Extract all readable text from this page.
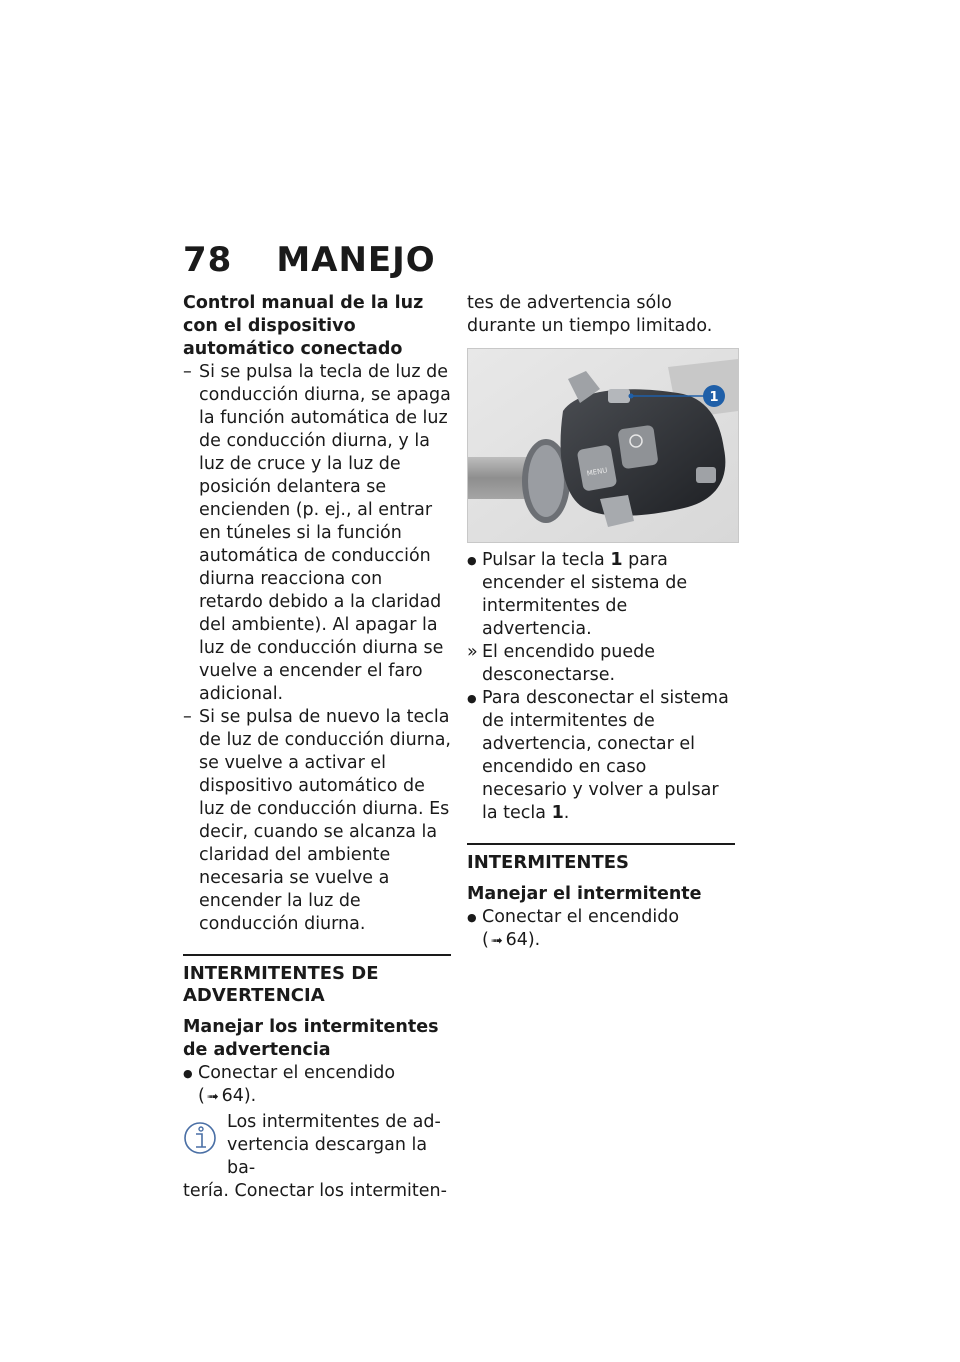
78 MANEJO

Control manual de la luz con el dispositivo automático conectado

– Si se pulsa la tecla de luz de conducción diurna, se apaga la función automática de luz de conducción diurna, y la luz de cruce y la luz de posición delantera se encienden (p. ej., al entrar en túneles si la función automática de conducción diurna reacciona con retardo debido a la claridad del ambiente). Al apagar la luz de conducción diurna se vuelve a encender el faro adicional.
– Si se pulsa de nuevo la tecla de luz de conducción diurna, se vuelve a activar el dispositivo automático de luz de conducción diurna. Es decir, cuando se alcanza la claridad del ambiente necesaria se vuelve a encender la luz de conducción diurna.
INTERMITENTES DE ADVERTENCIA

Manejar los intermitentes de advertencia

● Conectar el encendido
( ➟ 64).
Los intermitentes de ad-
vertencia descargan la ba-
tería. Conectar los intermiten-

tes de advertencia sólo durante un tiempo limitado.

MENU
1
● Pulsar la tecla 1 para encender el sistema de intermitentes de advertencia.
» El encendido puede desconectarse.
● Para desconectar el sistema de intermitentes de advertencia, conectar el encendido en caso necesario y volver a pulsar la tecla 1.
INTERMITENTES

Manejar el intermitente

● Conectar el encendido
( ➟ 64).
